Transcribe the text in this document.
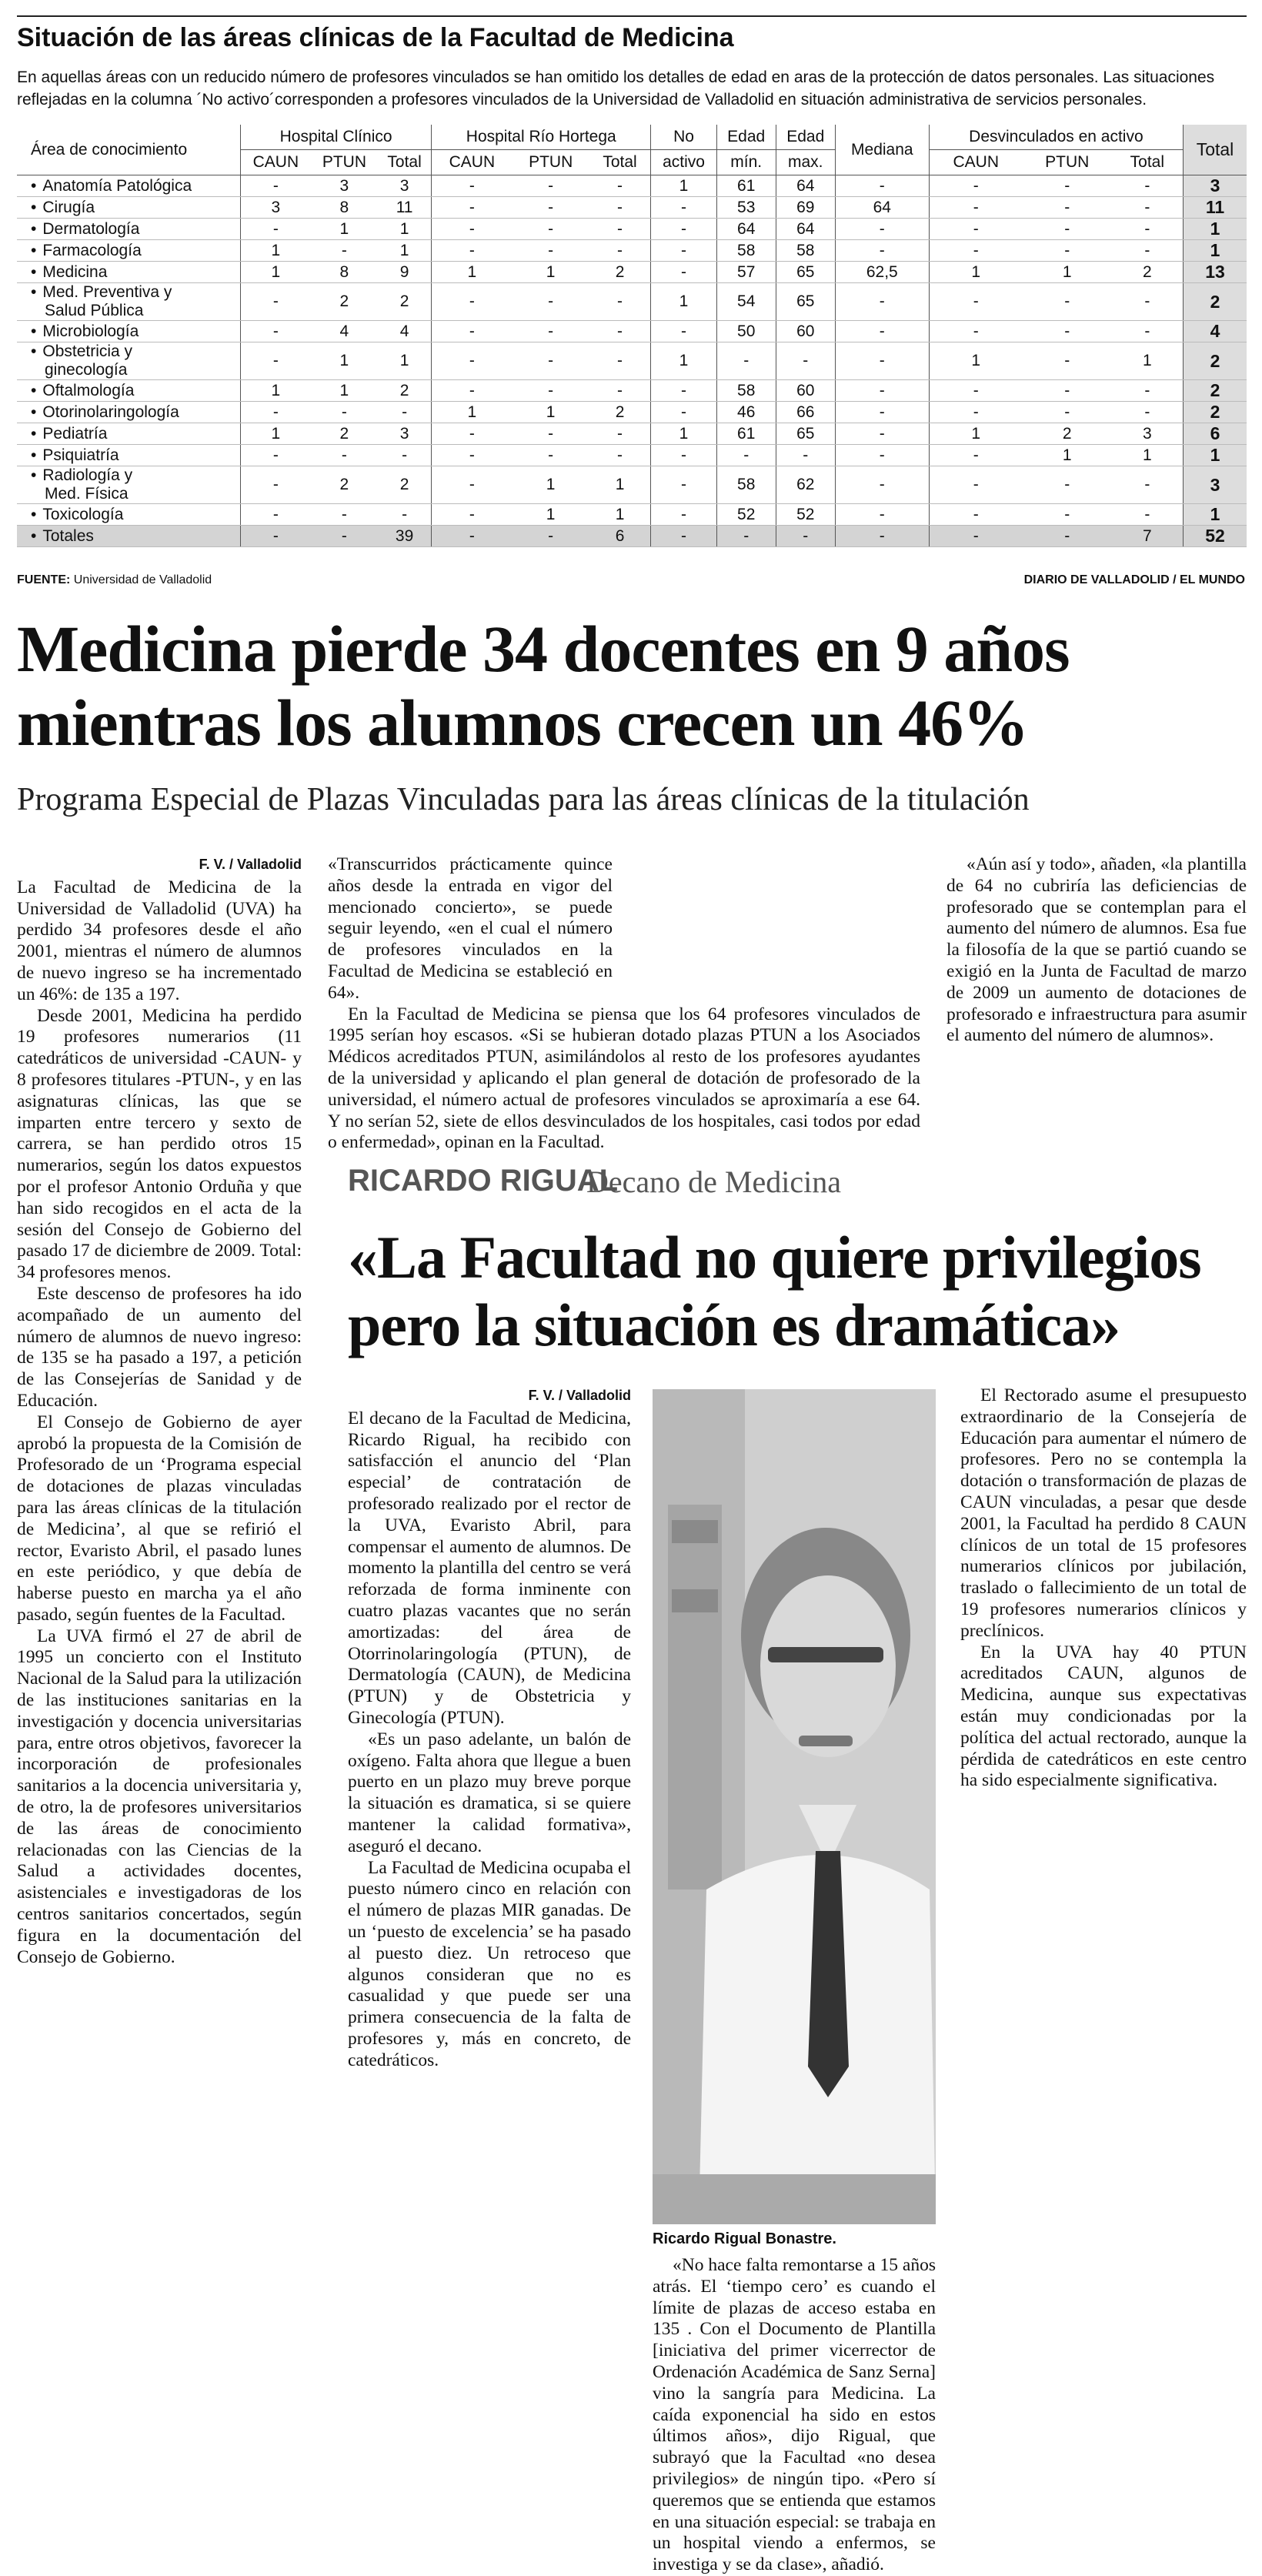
Situación de las áreas clínicas de la Facultad de Medicina
En aquellas áreas con un reducido número de profesores vinculados se han omitido los detalles de edad en aras de la protección de datos personales. Las situaciones reflejadas en la columna ´No activo´corresponden a profesores vinculados de la Universidad de Valladolid en situación administrativa de servicios personales.
Área de conocimiento	Hospital Clínico			Hospital Río Hortega			No	Edad	Edad	Mediana	Desvinculados en activo			Total
	CAUN	PTUN	Total	CAUN	PTUN	Total	activo	mín.	max.		CAUN	PTUN	Total	

• Anatomía Patológica	-	3	3	-	-	-	1	61	64	-	-	-	-	3

• Cirugía	3	8	11	-	-	-	-	53	69	64	-	-	-	11

• Dermatología	-	1	1	-	-	-	-	64	64	-	-	-	-	1

• Farmacología	1	-	1	-	-	-	-	58	58	-	-	-	-	1

• Medicina	1	8	9	1	1	2	-	57	65	62,5	1	1	2	13

• Med. Preventiva y
Salud Pública	-	2	2	-	-	-	1	54	65	-	-	-	-	2

• Microbiología	-	4	4	-	-	-	-	50	60	-	-	-	-	4

• Obstetricia y
ginecología	-	1	1	-	-	-	1	-	-	-	1	-	1	2

• Oftalmología	1	1	2	-	-	-	-	58	60	-	-	-	-	2

• Otorinolaringología	-	-	-	1	1	2	-	46	66	-	-	-	-	2

• Pediatría	1	2	3	-	-	-	1	61	65	-	1	2	3	6

• Psiquiatría	-	-	-	-	-	-	-	-	-	-	-	1	1	1

• Radiología y
Med. Física	-	2	2	-	1	1	-	58	62	-	-	-	-	3

• Toxicología	-	-	-	-	1	1	-	52	52	-	-	-	-	1

• Totales	-	-	39	-	-	6	-	-	-	-	-	-	7	52
FUENTE: Universidad de Valladolid	DIARIO DE VALLADOLID / EL MUNDO
Medicina pierde 34 docentes en 9 años
mientras los alumnos crecen un 46%
Programa Especial de Plazas Vinculadas para las áreas clínicas de la titulación
F. V. / Valladolid

La Facultad de Medicina de la Universidad de Valladolid (UVA) ha perdido 34 profesores desde el año 2001, mientras el número de alumnos de nuevo ingreso se ha incrementado un 46%: de 135 a 197.

Desde 2001, Medicina ha perdido 19 profesores numerarios (11 catedráticos de universidad -CAUN- y 8 profesores titulares -PTUN-, y en las asignaturas clínicas, las que se imparten entre tercero y sexto de carrera, se han perdido otros 15 numerarios, según los datos expuestos por el profesor Antonio Orduña y que han sido recogidos en el acta de la sesión del Consejo de Gobierno del pasado 17 de diciembre de 2009. Total: 34 profesores menos.

Este descenso de profesores ha ido acompañado de un aumento del número de alumnos de nuevo ingreso: de 135 se ha pasado a 197, a petición de las Consejerías de Sanidad y de Educación.

El Consejo de Gobierno de ayer aprobó la propuesta de la Comisión de Profesorado de un ‘Programa especial de dotaciones de plazas vinculadas para las áreas clínicas de la titulación de Medicina’, al que se refirió el rector, Evaristo Abril, el pasado lunes en este periódico, y que debía de haberse puesto en marcha ya el año pasado, según fuentes de la Facultad.

La UVA firmó el 27 de abril de 1995 un concierto con el Instituto Nacional de la Salud para la utilización de las instituciones sanitarias en la investigación y docencia universitarias para, entre otros objetivos, favorecer la incorporación de profesionales sanitarios a la docencia universitaria y, de otro, la de profesores universitarios de las áreas de conocimiento relacionadas con las Ciencias de la Salud a actividades docentes, asistenciales e investigadoras de los centros sanitarios concertados, según figura en la documentación del Consejo de Gobierno.

«Transcurridos prácticamente quince años desde la entrada en vigor del mencionado concierto», se puede seguir leyendo, «en el cual el número de profesores vinculados en la Facultad de Medicina se estableció en 64».

En la Facultad de Medicina se piensa que los 64 profesores vinculados de 1995 serían hoy escasos. «Si se hubieran dotado plazas PTUN a los Asociados Médicos acreditados PTUN, asimilándolos al resto de los profesores ayudantes de la universidad y aplicando el plan general de dotación de profesorado de la universidad, el número actual de profesores vinculados se aproximaría a ese 64. Y no serían 52, siete de ellos desvinculados de los hospitales, casi todos por edad o enfermedad», opinan en la Facultad.

«Aún así y todo», añaden, «la plantilla de 64 no cubriría las deficiencias de profesorado que se contemplan para el aumento del número de alumnos. Esa fue la filosofía de la que se partió cuando se exigió en la Junta de Facultad de marzo de 2009 un aumento de dotaciones de profesorado e infraestructura para asumir el aumento del número de alumnos».

RICARDO RIGUAL
Decano de Medicina
«La Facultad no quiere privilegios
pero la situación es dramática»
F. V. / Valladolid

El decano de la Facultad de Medicina, Ricardo Rigual, ha recibido con satisfacción el anuncio del ‘Plan especial’ de contratación de profesorado realizado por el rector de la UVA, Evaristo Abril, para compensar el aumento de alumnos. De momento la plantilla del centro se verá reforzada de forma inminente con cuatro plazas vacantes que no serán amortizadas: del área de Otorrinolaringología (PTUN), de Dermatología (CAUN), de Medicina (PTUN) y de Obstetricia y Ginecología (PTUN).

«Es un paso adelante, un balón de oxígeno. Falta ahora que llegue a buen puerto en un plazo muy breve porque la situación es dramatica, si se quiere mantener la calidad formativa», aseguró el decano.

La Facultad de Medicina ocupaba el puesto número cinco en relación con el número de plazas MIR ganadas. De un ‘puesto de excelencia’ se ha pasado al puesto diez. Un retroceso que algunos consideran que no es casualidad y que puede ser una primera consecuencia de la falta de profesores y, más en concreto, de catedráticos.

Ricardo Rigual Bonastre.

«No hace falta remontarse a 15 años atrás. El ‘tiempo cero’ es cuando el límite de plazas de acceso estaba en 135 . Con el Documento de Plantilla [iniciativa del primer vicerrector de Ordenación Académica de Sanz Serna] vino la sangría para Medicina. La caída exponencial ha sido en estos últimos años», dijo Rigual, que subrayó que la Facultad «no desea privilegios» de ningún tipo. «Pero sí queremos que se entienda que estamos en una situación especial: se trabaja en un hospital viendo a enfermos, se investiga y se da clase», añadió.

El Rectorado asume el presupuesto extraordinario de la Consejería de Educación para aumentar el número de profesores. Pero no se contempla la dotación o transformación de plazas de CAUN vinculadas, a pesar que desde 2001, la Facultad ha perdido 8 CAUN clínicos de un total de 15 profesores numerarios clínicos por jubilación, traslado o fallecimiento de un total de 19 profesores numerarios clínicos y preclínicos.

En la UVA hay 40 PTUN acreditados CAUN, algunos de Medicina, aunque sus expectativas están muy condicionadas por la política del actual rectorado, aunque la pérdida de catedráticos en este centro ha sido especialmente significativa.
